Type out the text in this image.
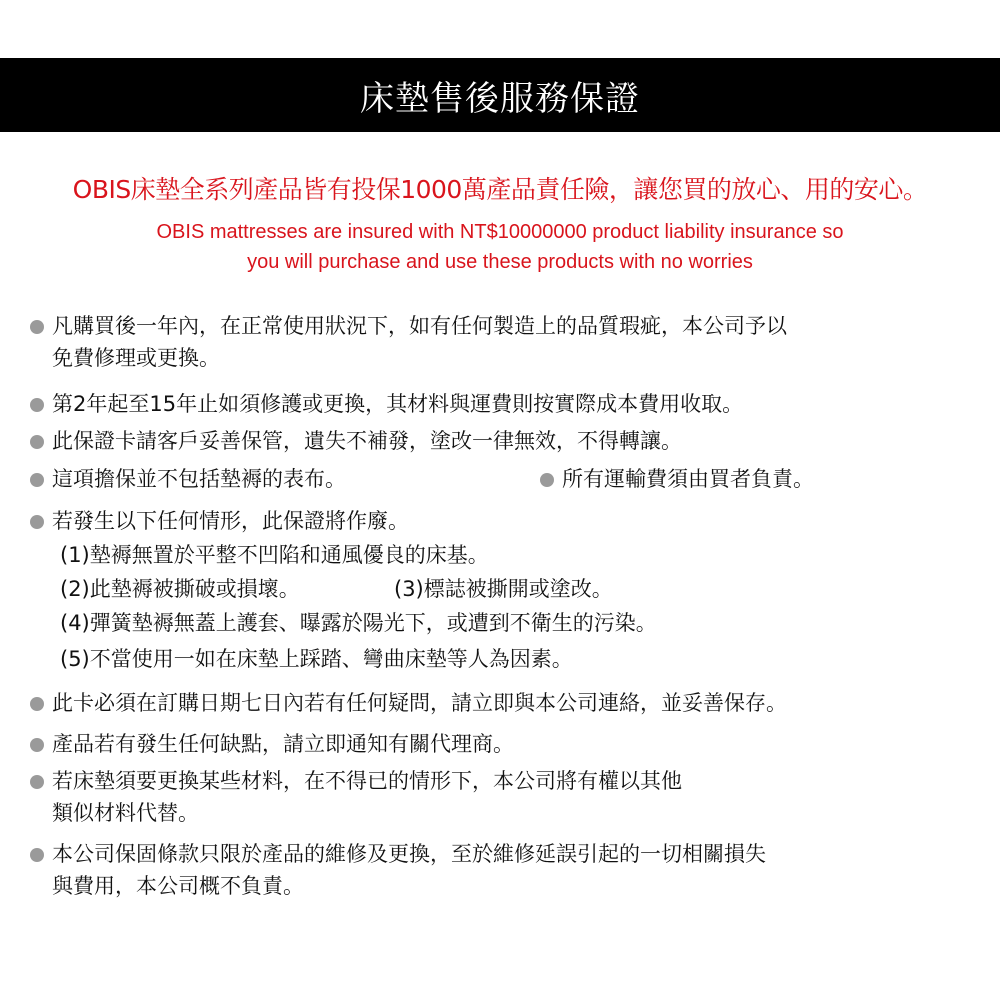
床墊售後服務保證
OBIS床墊全系列產品皆有投保1000萬產品責任險，讓您買的放心、用的安心。
OBIS mattresses are insured with NT$10000000 product liability insurance so
you will purchase and use these products with no worries
凡購買後一年內，在正常使用狀況下，如有任何製造上的品質瑕疵，本公司予以
免費修理或更換。
第2年起至15年止如須修護或更換，其材料與運費則按實際成本費用收取。
此保證卡請客戶妥善保管，遺失不補發，塗改一律無效，不得轉讓。
這項擔保並不包括墊褥的表布。	所有運輸費須由買者負責。
若發生以下任何情形，此保證將作廢。
(1)墊褥無置於平整不凹陷和通風優良的床基。
(2)此墊褥被撕破或損壞。	(3)標誌被撕開或塗改。
(4)彈簧墊褥無蓋上護套、曝露於陽光下，或遭到不衛生的污染。
(5)不當使用一如在床墊上踩踏、彎曲床墊等人為因素。
此卡必須在訂購日期七日內若有任何疑問，請立即與本公司連絡，並妥善保存。
產品若有發生任何缺點，請立即通知有關代理商。
若床墊須要更換某些材料，在不得已的情形下，本公司將有權以其他
類似材料代替。
本公司保固條款只限於產品的維修及更換，至於維修延誤引起的一切相關損失
與費用，本公司概不負責。
